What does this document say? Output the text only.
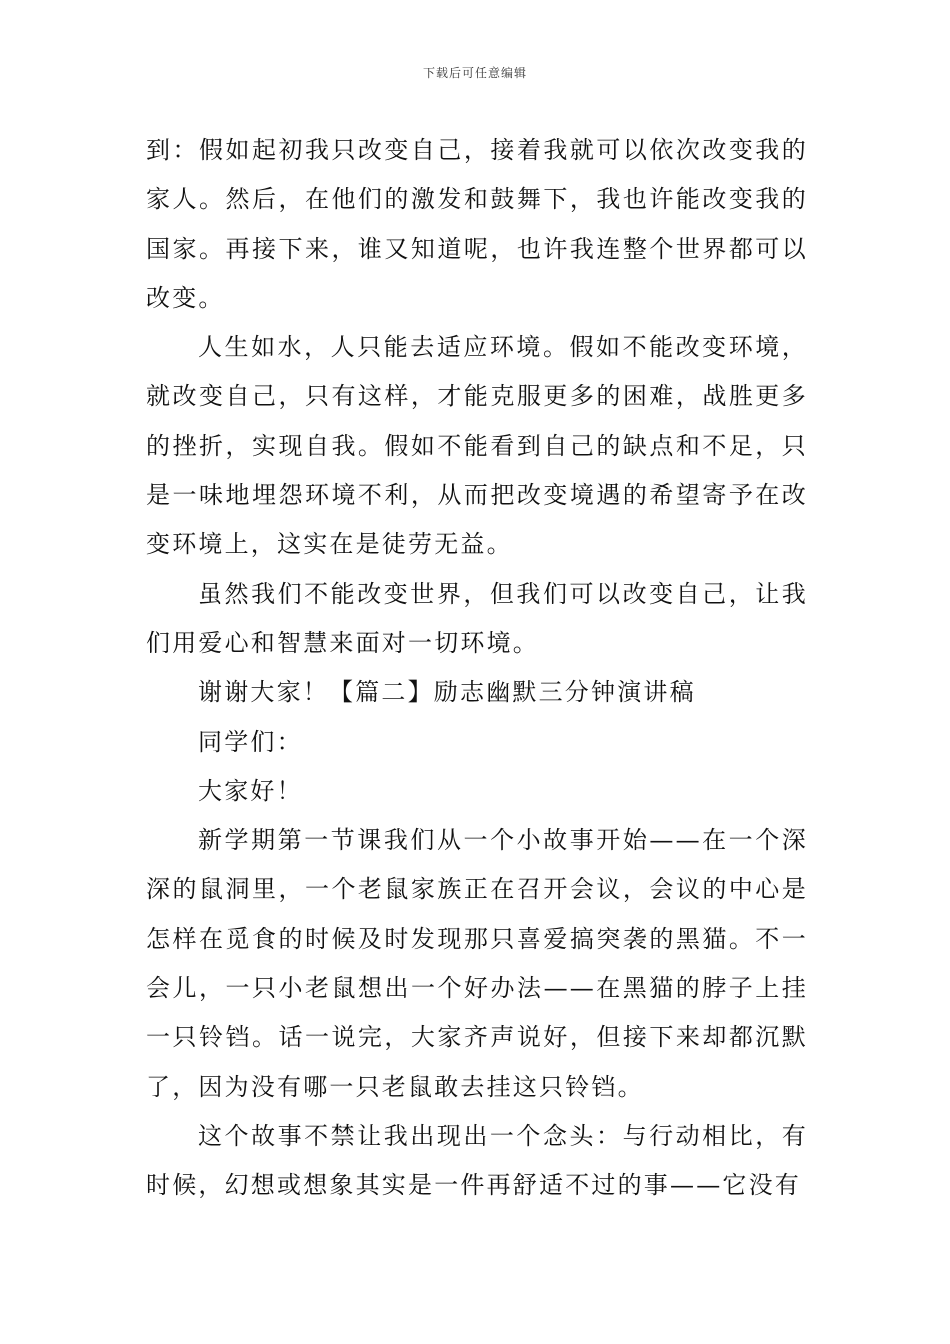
下载后可任意编辑

到：假如起初我只改变自己，接着我就可以依次改变我的家人。然后，在他们的激发和鼓舞下，我也许能改变我的国家。再接下来，谁又知道呢，也许我连整个世界都可以改变。

人生如水，人只能去适应环境。假如不能改变环境，就改变自己，只有这样，才能克服更多的困难，战胜更多的挫折，实现自我。假如不能看到自己的缺点和不足，只是一味地埋怨环境不利，从而把改变境遇的希望寄予在改变环境上，这实在是徒劳无益。

虽然我们不能改变世界，但我们可以改变自己，让我们用爱心和智慧来面对一切环境。

谢谢大家！【篇二】励志幽默三分钟演讲稿

同学们：

大家好！

新学期第一节课我们从一个小故事开始——在一个深深的鼠洞里，一个老鼠家族正在召开会议，会议的中心是怎样在觅食的时候及时发现那只喜爱搞突袭的黑猫。不一会儿，一只小老鼠想出一个好办法——在黑猫的脖子上挂一只铃铛。话一说完，大家齐声说好，但接下来却都沉默了，因为没有哪一只老鼠敢去挂这只铃铛。

这个故事不禁让我出现出一个念头：与行动相比，有时候，幻想或想象其实是一件再舒适不过的事——它没有
